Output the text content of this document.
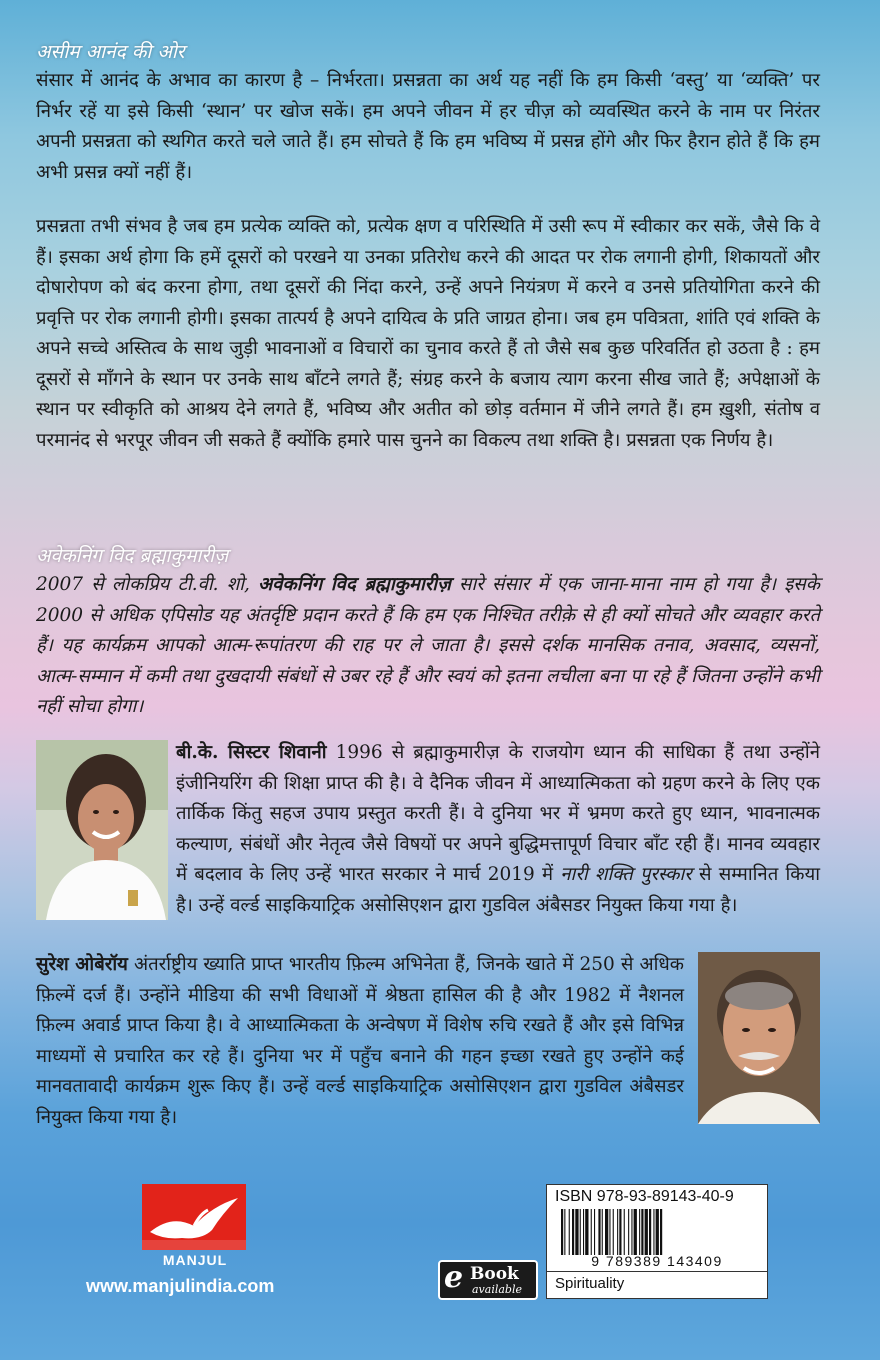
असीम आनंद की ओर
संसार में आनंद के अभाव का कारण है – निर्भरता। प्रसन्नता का अर्थ यह नहीं कि हम किसी ‘वस्तु’ या ‘व्यक्ति’ पर निर्भर रहें या इसे किसी ‘स्थान’ पर खोज सकें। हम अपने जीवन में हर चीज़ को व्यवस्थित करने के नाम पर निरंतर अपनी प्रसन्नता को स्थगित करते चले जाते हैं। हम सोचते हैं कि हम भविष्य में प्रसन्न होंगे और फिर हैरान होते हैं कि हम अभी प्रसन्न क्यों नहीं हैं।
प्रसन्नता तभी संभव है जब हम प्रत्येक व्यक्ति को, प्रत्येक क्षण व परिस्थिति में उसी रूप में स्वीकार कर सकें, जैसे कि वे हैं। इसका अर्थ होगा कि हमें दूसरों को परखने या उनका प्रतिरोध करने की आदत पर रोक लगानी होगी, शिकायतों और दोषारोपण को बंद करना होगा, तथा दूसरों की निंदा करने, उन्हें अपने नियंत्रण में करने व उनसे प्रतियोगिता करने की प्रवृत्ति पर रोक लगानी होगी। इसका तात्पर्य है अपने दायित्व के प्रति जाग्रत होना। जब हम पवित्रता, शांति एवं शक्ति के अपने सच्चे अस्तित्व के साथ जुड़ी भावनाओं व विचारों का चुनाव करते हैं तो जैसे सब कुछ परिवर्तित हो उठता है : हम दूसरों से माँगने के स्थान पर उनके साथ बाँटने लगते हैं; संग्रह करने के बजाय त्याग करना सीख जाते हैं; अपेक्षाओं के स्थान पर स्वीकृति को आश्रय देने लगते हैं, भविष्य और अतीत को छोड़ वर्तमान में जीने लगते हैं। हम ख़ुशी, संतोष व परमानंद से भरपूर जीवन जी सकते हैं क्योंकि हमारे पास चुनने का विकल्प तथा शक्ति है। प्रसन्नता एक निर्णय है।
अवेकनिंग विद ब्रह्माकुमारीज़
2007 से लोकप्रिय टी.वी. शो, अवेकनिंग विद ब्रह्माकुमारीज़ सारे संसार में एक जाना-माना नाम हो गया है। इसके 2000 से अधिक एपिसोड यह अंतर्दृष्टि प्रदान करते हैं कि हम एक निश्चित तरीक़े से ही क्यों सोचते और व्यवहार करते हैं। यह कार्यक्रम आपको आत्म-रूपांतरण की राह पर ले जाता है। इससे दर्शक मानसिक तनाव, अवसाद, व्यसनों, आत्म-सम्मान में कमी तथा दुखदायी संबंधों से उबर रहे हैं और स्वयं को इतना लचीला बना पा रहे हैं जितना उन्होंने कभी नहीं सोचा होगा।
बी.के. सिस्टर शिवानी 1996 से ब्रह्माकुमारीज़ के राजयोग ध्यान की साधिका हैं तथा उन्होंने इंजीनियरिंग की शिक्षा प्राप्त की है। वे दैनिक जीवन में आध्यात्मिकता को ग्रहण करने के लिए एक तार्किक किंतु सहज उपाय प्रस्तुत करती हैं। वे दुनिया भर में भ्रमण करते हुए ध्यान, भावनात्मक कल्याण, संबंधों और नेतृत्व जैसे विषयों पर अपने बुद्धिमत्तापूर्ण विचार बाँट रही हैं। मानव व्यवहार में बदलाव के लिए उन्हें भारत सरकार ने मार्च 2019 में नारी शक्ति पुरस्कार से सम्मानित किया है। उन्हें वर्ल्ड साइकियाट्रिक असोसिएशन द्वारा गुडविल अंबैसडर नियुक्त किया गया है।
सुरेश ओबेरॉय अंतर्राष्ट्रीय ख्याति प्राप्त भारतीय फ़िल्म अभिनेता हैं, जिनके खाते में 250 से अधिक फ़िल्में दर्ज हैं। उन्होंने मीडिया की सभी विधाओं में श्रेष्ठता हासिल की है और 1982 में नैशनल फ़िल्म अवार्ड प्राप्त किया है। वे आध्यात्मिकता के अन्वेषण में विशेष रुचि रखते हैं और इसे विभिन्न माध्यमों से प्रचारित कर रहे हैं। दुनिया भर में पहुँच बनाने की गहन इच्छा रखते हुए उन्होंने कई मानवतावादी कार्यक्रम शुरू किए हैं। उन्हें वर्ल्ड साइकियाट्रिक असोसिएशन द्वारा गुडविल अंबैसडर नियुक्त किया गया है।
MANJUL
www.manjulindia.com	e Book
available
ISBN 978-93-89143-40-9
9 789389 143409
Spirituality
